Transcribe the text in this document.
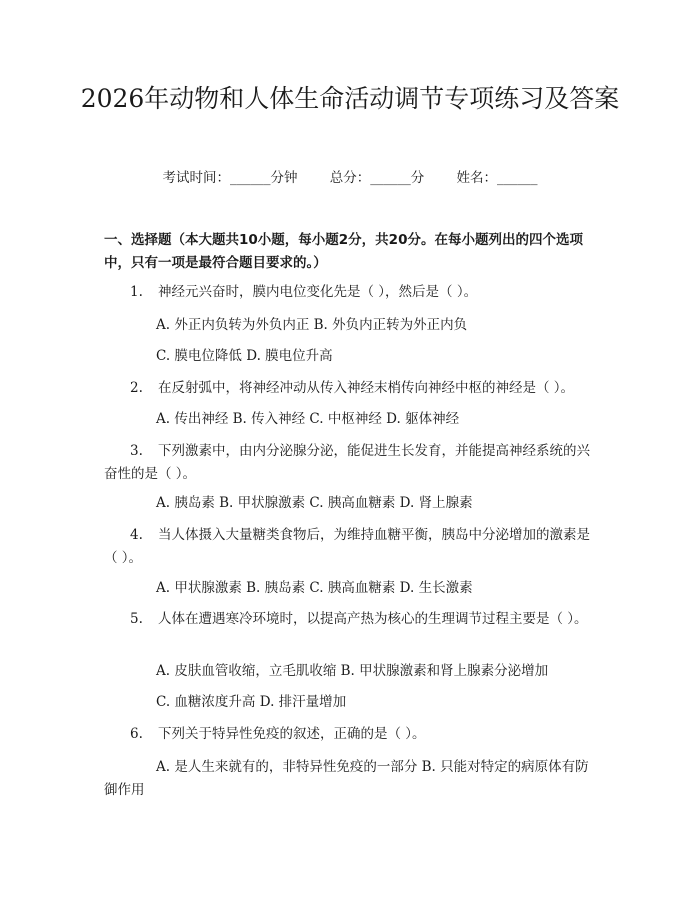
2026年动物和人体生命活动调节专项练习及答案
考试时间：______分钟 总分：______分 姓名：______
一、选择题（本大题共10小题，每小题2分，共20分。在每小题列出的四个选项中，只有一项是最符合题目要求的。）
1. 神经元兴奋时，膜内电位变化先是（ ），然后是（ ）。
A. 外正内负转为外负内正 B. 外负内正转为外正内负
C. 膜电位降低 D. 膜电位升高
2. 在反射弧中，将神经冲动从传入神经末梢传向神经中枢的神经是（ ）。
A. 传出神经 B. 传入神经 C. 中枢神经 D. 躯体神经
3. 下列激素中，由内分泌腺分泌，能促进生长发育，并能提高神经系统的兴奋性的是（ ）。
A. 胰岛素 B. 甲状腺激素 C. 胰高血糖素 D. 肾上腺素
4. 当人体摄入大量糖类食物后，为维持血糖平衡，胰岛中分泌增加的激素是（ ）。
A. 甲状腺激素 B. 胰岛素 C. 胰高血糖素 D. 生长激素
5. 人体在遭遇寒冷环境时，以提高产热为核心的生理调节过程主要是（ ）。
A. 皮肤血管收缩，立毛肌收缩 B. 甲状腺激素和肾上腺素分泌增加
C. 血糖浓度升高 D. 排汗量增加
6. 下列关于特异性免疫的叙述，正确的是（ ）。
A. 是人生来就有的，非特异性免疫的一部分 B. 只能对特定的病原体有防御作用
